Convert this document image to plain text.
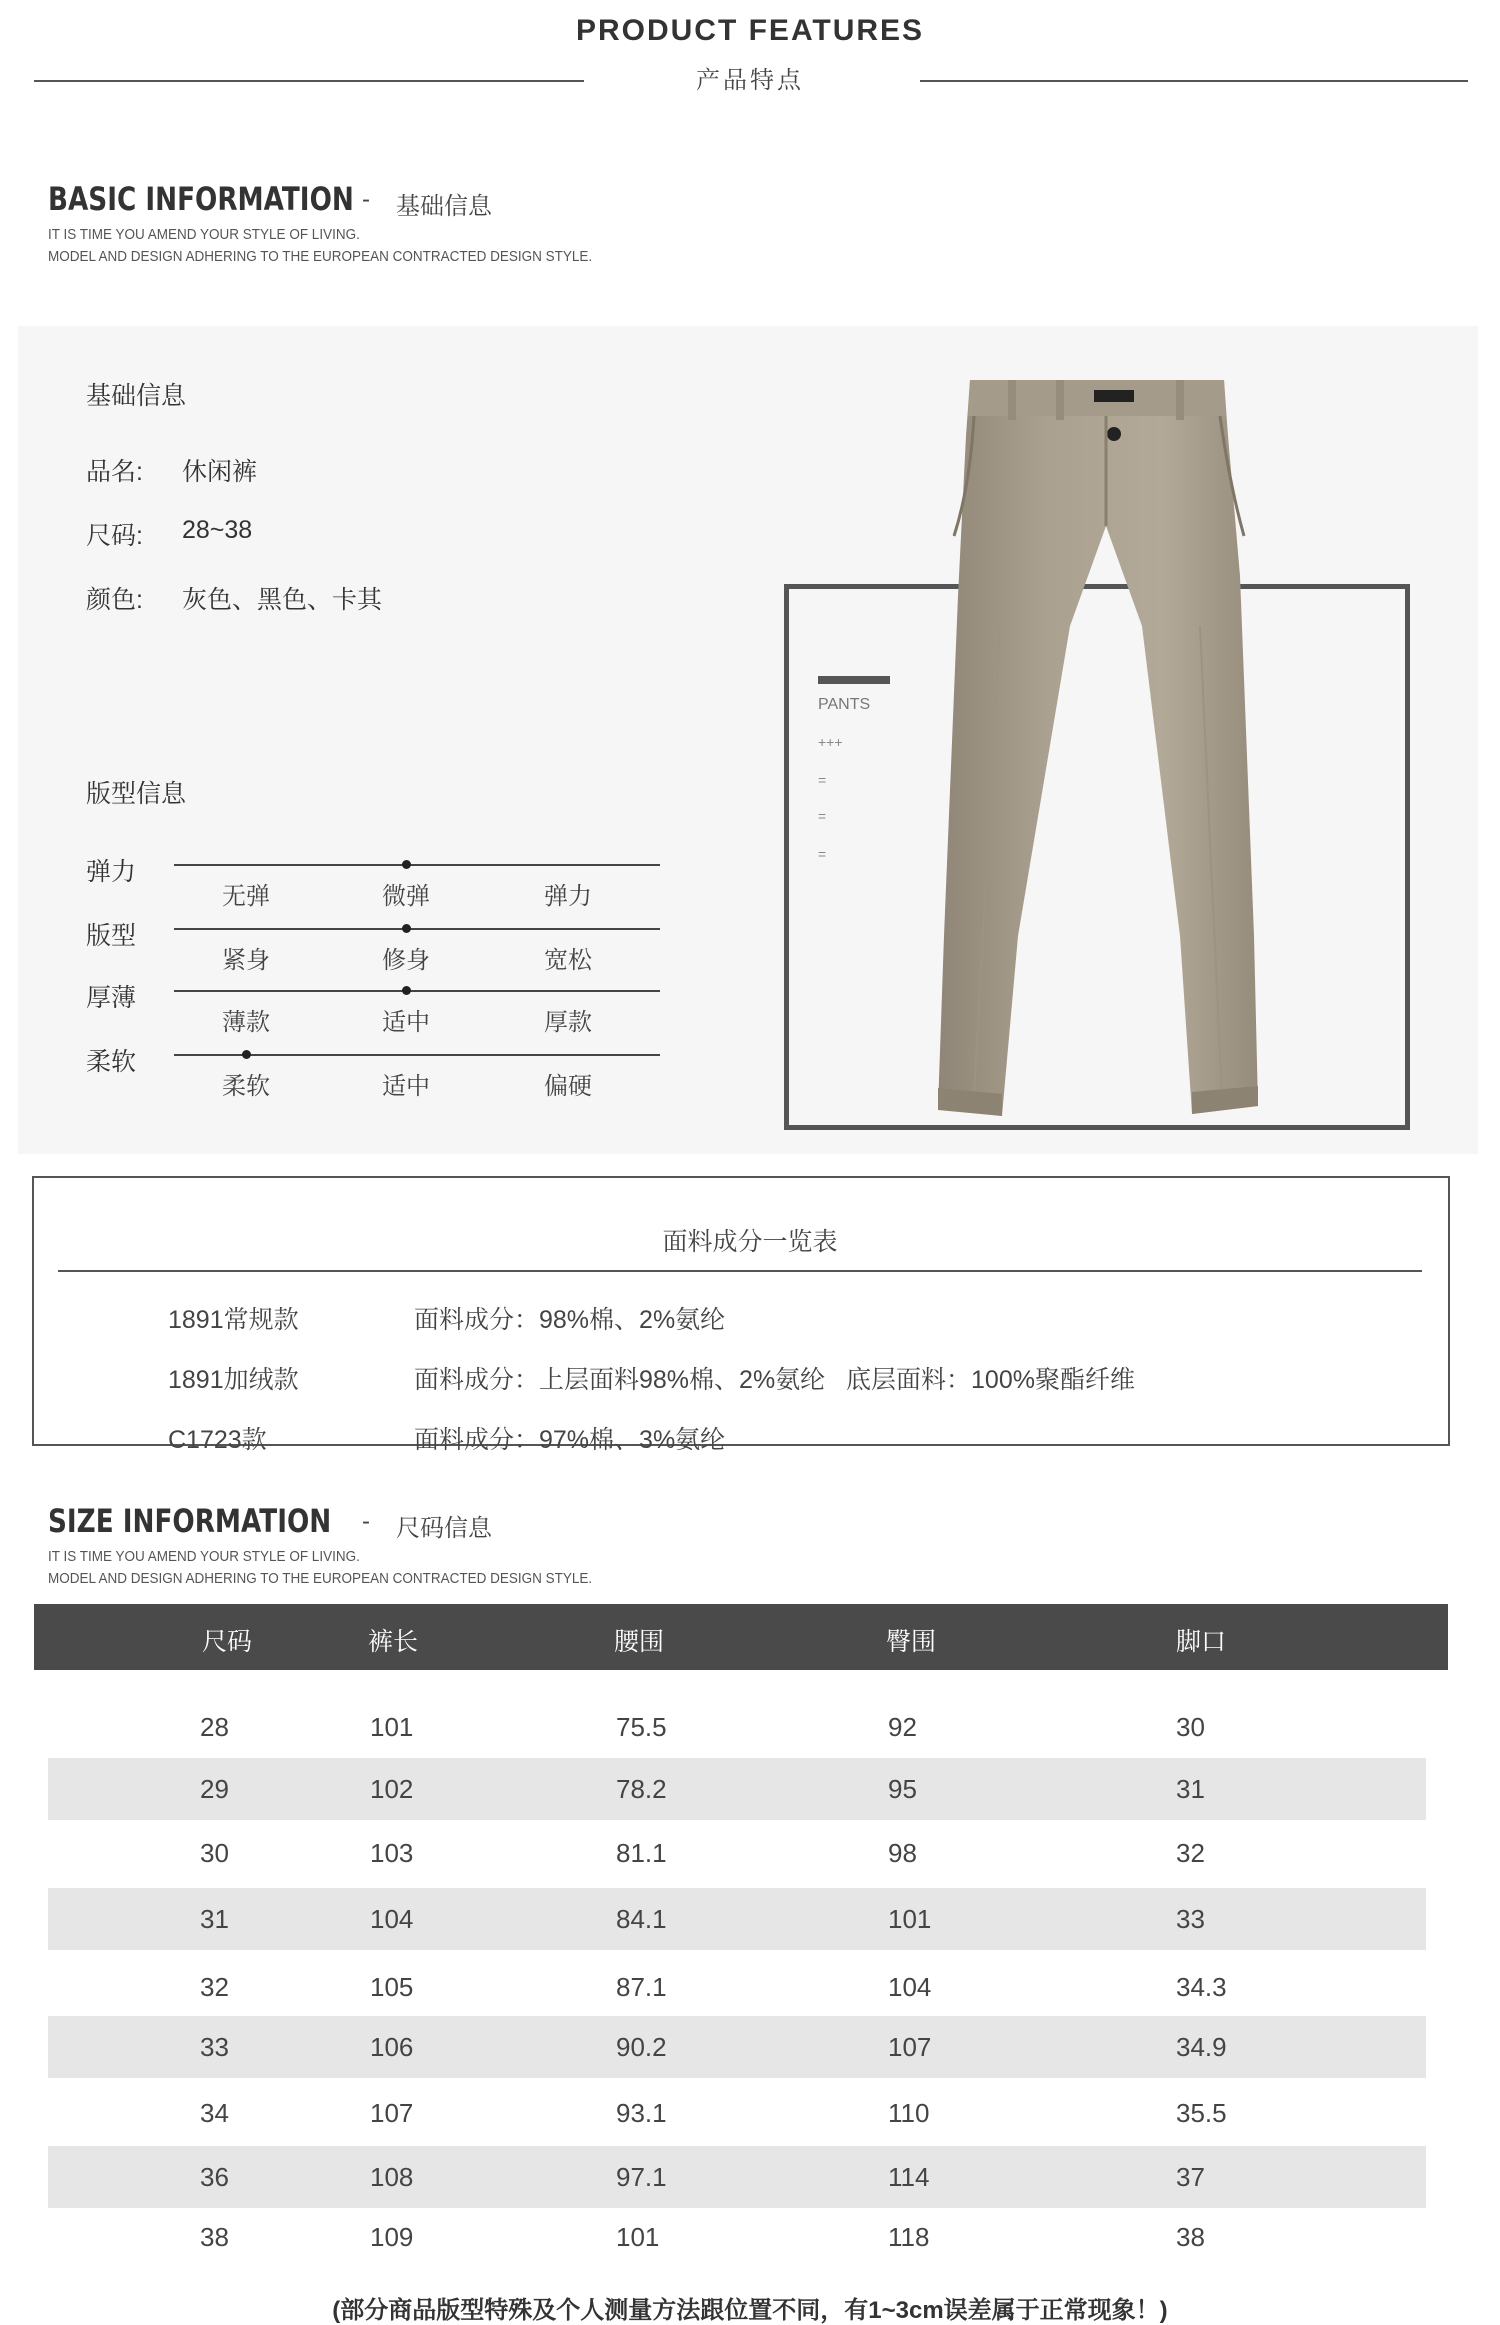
PRODUCT FEATURES
产品特点
BASIC INFORMATION - 基础信息
IT IS TIME YOU AMEND YOUR STYLE OF LIVING.
MODEL AND DESIGN ADHERING TO THE EUROPEAN CONTRACTED DESIGN STYLE.
基础信息
品名: 休闲裤
尺码: 28~38
颜色: 灰色、黑色、卡其
版型信息
弹力
无弹	微弹	弹力
版型
紧身	修身	宽松
厚薄
薄款	适中	厚款
柔软
柔软	适中	偏硬
PANTS
+++
=
=
=
面料成分一览表
1891常规款	面料成分：98%棉、2%氨纶
1891加绒款	面料成分：上层面料98%棉、2%氨纶   底层面料：100%聚酯纤维
C1723款	面料成分：97%棉、3%氨纶
SIZE INFORMATION - 尺码信息
IT IS TIME YOU AMEND YOUR STYLE OF LIVING.
MODEL AND DESIGN ADHERING TO THE EUROPEAN CONTRACTED DESIGN STYLE.
尺码	裤长	腰围	臀围	脚口
28	101	75.5	92	30
29	102	78.2	95	31
30	103	81.1	98	32
31	104	84.1	101	33
32	105	87.1	104	34.3
33	106	90.2	107	34.9
34	107	93.1	110	35.5
36	108	97.1	114	37
38	109	101	118	38
(部分商品版型特殊及个人测量方法跟位置不同，有1~3cm误差属于正常现象！)
